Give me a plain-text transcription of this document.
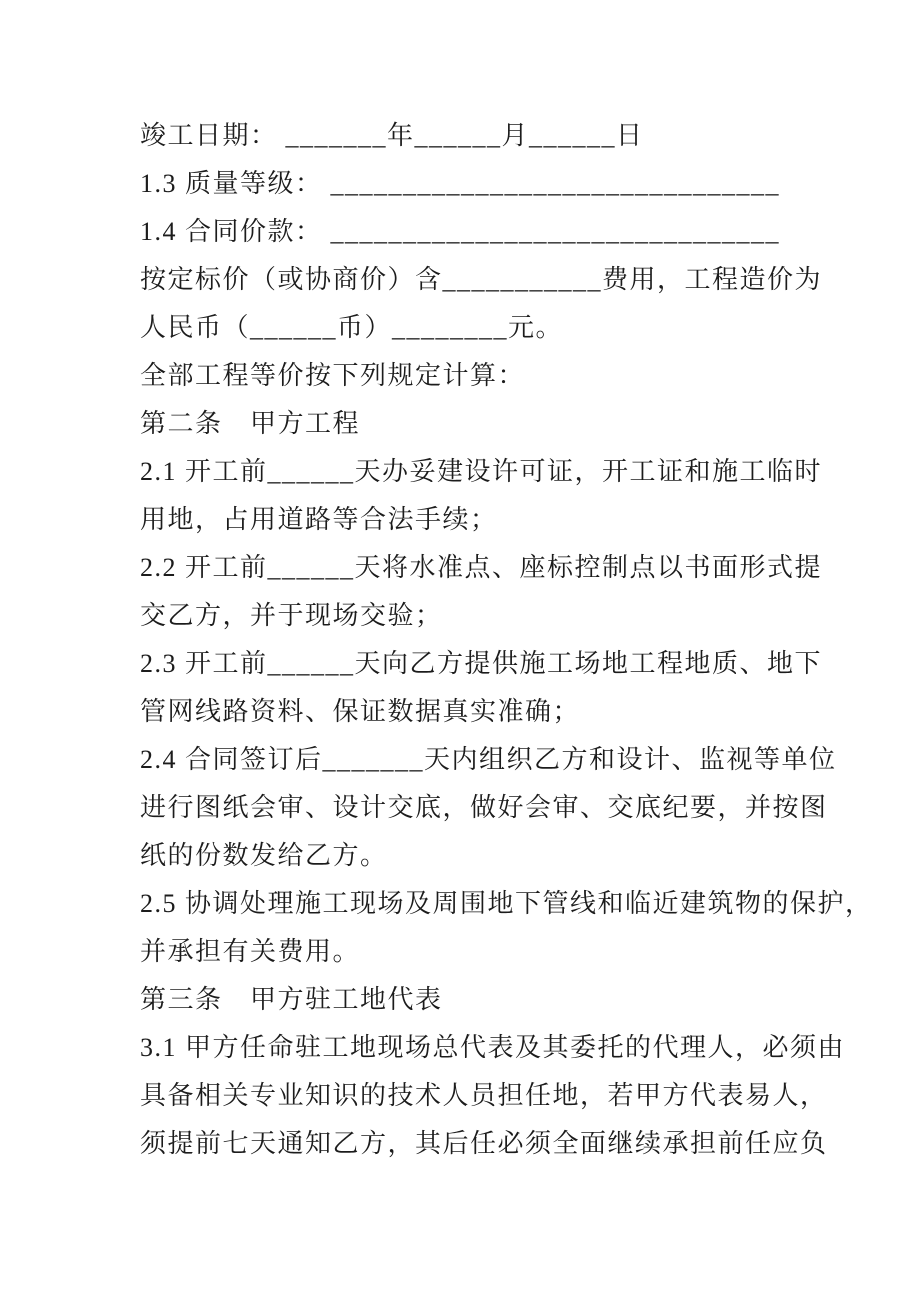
竣工日期： _______年______月______日

1.3 质量等级： _______________________________

1.4 合同价款： _______________________________

按定标价（或协商价）含___________费用，工程造价为

人民币（______币）________元。

全部工程等价按下列规定计算：

第二条　甲方工程

2.1 开工前______天办妥建设许可证，开工证和施工临时

用地，占用道路等合法手续；

2.2 开工前______天将水准点、座标控制点以书面形式提

交乙方，并于现场交验；

2.3 开工前______天向乙方提供施工场地工程地质、地下

管网线路资料、保证数据真实准确；

2.4 合同签订后_______天内组织乙方和设计、监视等单位

进行图纸会审、设计交底，做好会审、交底纪要，并按图

纸的份数发给乙方。

2.5 协调处理施工现场及周围地下管线和临近建筑物的保护，

并承担有关费用。

第三条　甲方驻工地代表

3.1 甲方任命驻工地现场总代表及其委托的代理人，必须由

具备相关专业知识的技术人员担任地，若甲方代表易人，

须提前七天通知乙方，其后任必须全面继续承担前任应负
